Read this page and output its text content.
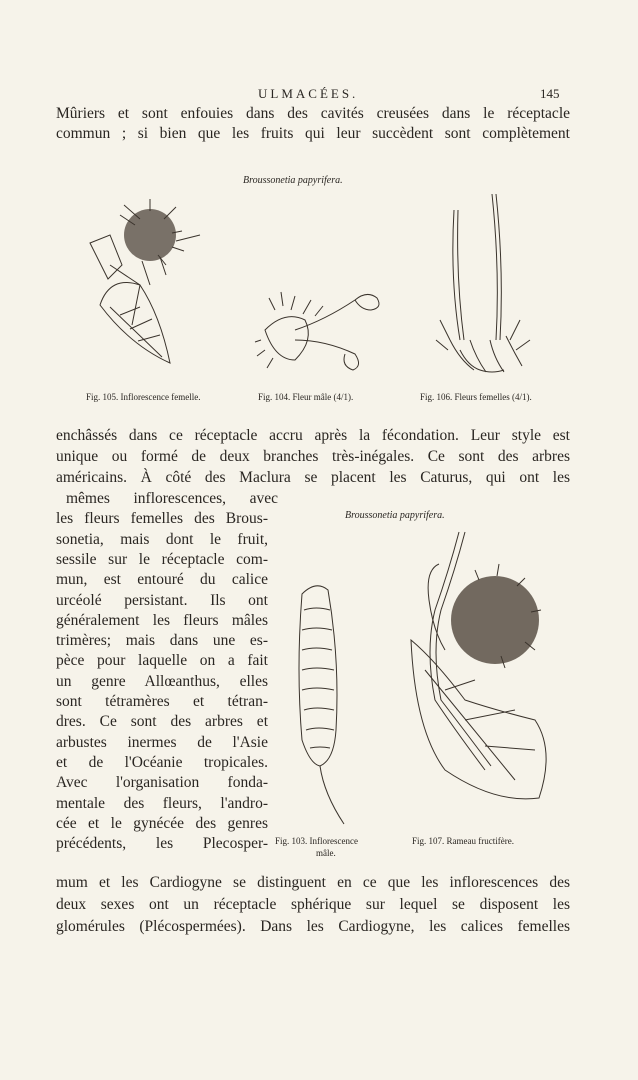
ULMACÉES.	145
Mûriers et sont enfouies dans des cavités creusées dans le réceptacle
commun ; si bien que les fruits qui leur succèdent sont complètement
Broussonetia papyrifera.
Fig. 105. Inflorescence femelle.	Fig. 104. Fleur mâle (4/1).	Fig. 106. Fleurs femelles (4/1).
enchâssés dans ce réceptacle accru après la fécondation. Leur style est
unique ou formé de deux branches très-inégales. Ce sont des arbres
américains. À côté des Maclura se placent les Caturus, qui ont les
mêmes inflorescences, avec
les fleurs femelles des Brous-
sonetia, mais dont le fruit,
sessile sur le réceptacle com-
mun, est entouré du calice
urcéolé persistant. Ils ont
généralement les fleurs mâles
trimères; mais dans une es-
pèce pour laquelle on a fait
un genre Allœanthus, elles
sont tétramères et tétran-
dres. Ce sont des arbres et
arbustes inermes de l'Asie
et de l'Océanie tropicales.
Avec l'organisation fonda-
mentale des fleurs, l'andro-
cée et le gynécée des genres
précédents, les Plecosper-
Broussonetia papyrifera.
Fig. 103. Inflorescence
mâle.
Fig. 107. Rameau fructifère.
mum et les Cardiogyne se distinguent en ce que les inflorescences des
deux sexes ont un réceptacle sphérique sur lequel se disposent les
glomérules (Plécospermées). Dans les Cardiogyne, les calices femelles
